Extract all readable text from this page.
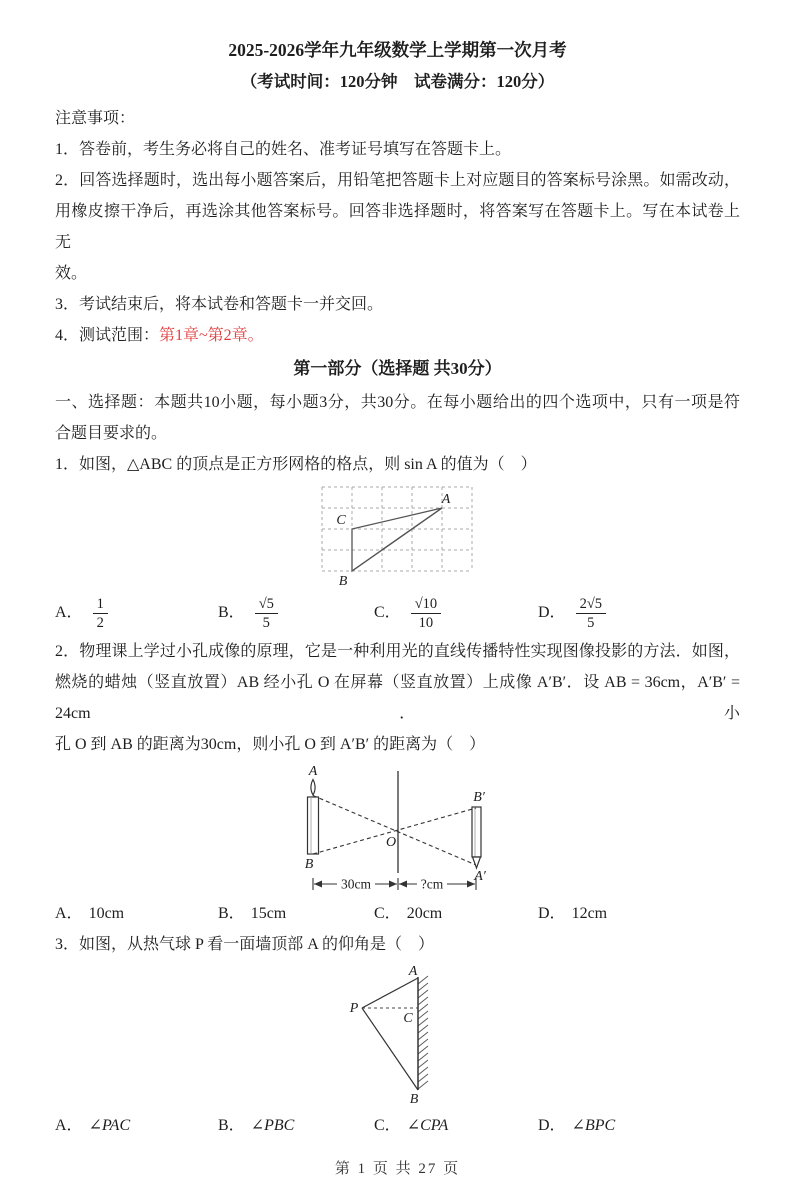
2025-2026学年九年级数学上学期第一次月考
（考试时间：120分钟　试卷满分：120分）
注意事项：
1．答卷前，考生务必将自己的姓名、准考证号填写在答题卡上。
2．回答选择题时，选出每小题答案后，用铅笔把答题卡上对应题目的答案标号涂黑。如需改动，
用橡皮擦干净后，再选涂其他答案标号。回答非选择题时，将答案写在答题卡上。写在本试卷上无
效。
3．考试结束后，将本试卷和答题卡一并交回。
4．测试范围：第1章~第2章。
第一部分（选择题 共30分）
一、选择题：本题共10小题，每小题3分，共30分。在每小题给出的四个选项中，只有一项是符
合题目要求的。
1．如图，△ABC 的顶点是正方形网格的格点，则 sin A 的值为（　）
A
C
B
A． $\frac{1}{2}$	B． $\frac{√5}{5}$	C． $\frac{√10}{10}$	D． $\frac{2√5}{5}$
2．物理课上学过小孔成像的原理，它是一种利用光的直线传播特性实现图像投影的方法．如图，
燃烧的蜡烛（竖直放置）AB 经小孔 O 在屏幕（竖直放置）上成像 A′B′．设 AB = 36cm，A′B′ = 24cm．小
孔 O 到 AB 的距离为30cm，则小孔 O 到 A′B′ 的距离为（　）
A
B
O
B′
A′
30cm	?cm
A． 10cm	B． 15cm	C． 20cm	D． 12cm
3．如图，从热气球 P 看一面墙顶部 A 的仰角是（　）
A
B
P
C
A． ∠PAC	B． ∠PBC	C． ∠CPA	D． ∠BPC
第 1 页 共 27 页
